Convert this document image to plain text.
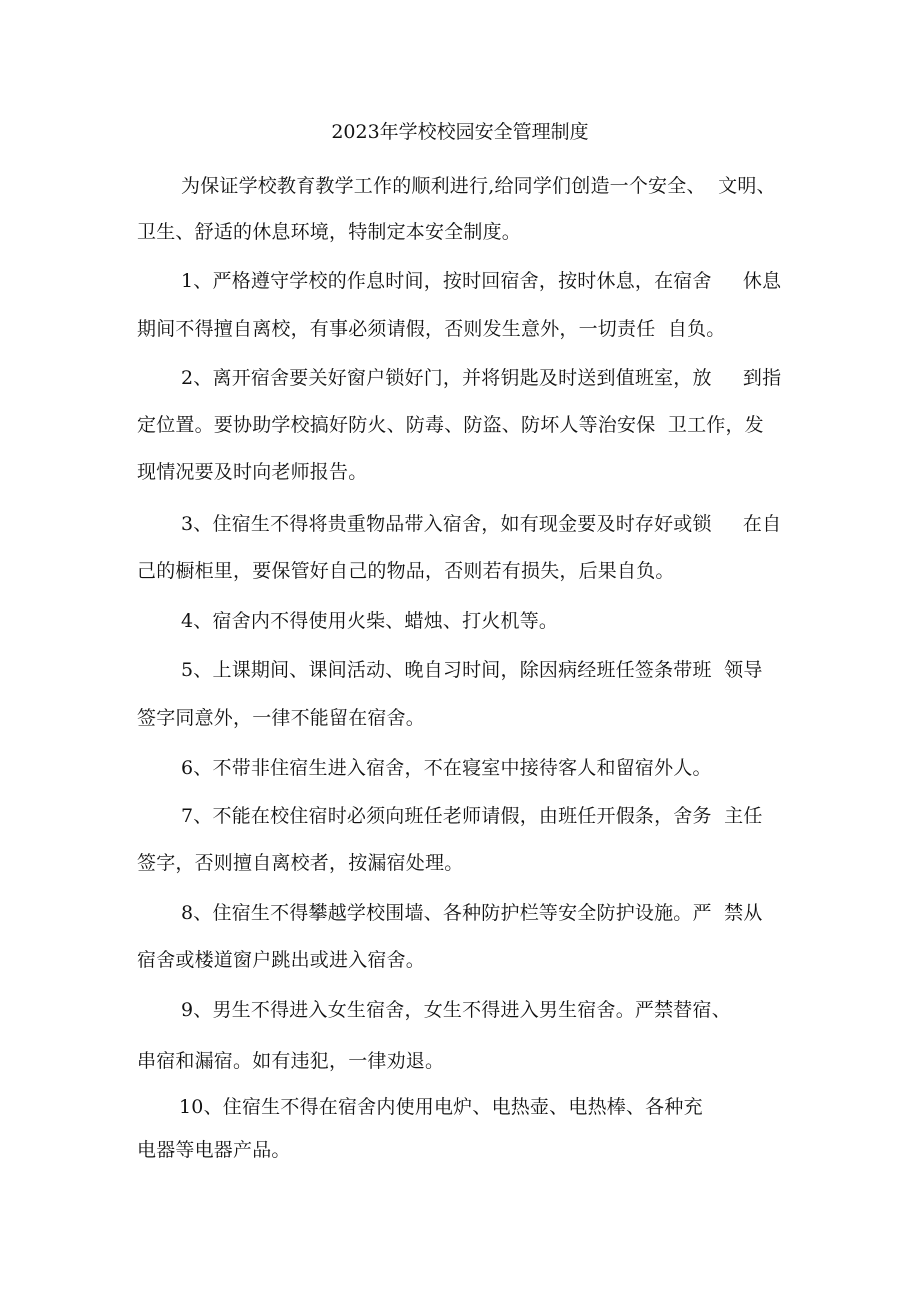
2023年学校校园安全管理制度
为保证学校教育教学工作的顺利进行,给同学们创造一个安全、  文明、
卫生、舒适的休息环境，特制定本安全制度。
1、严格遵守学校的作息时间，按时回宿舍，按时休息，在宿舍     休息
期间不得擅自离校，有事必须请假，否则发生意外，一切责任  自负。
2、离开宿舍要关好窗户锁好门，并将钥匙及时送到值班室，放     到指
定位置。要协助学校搞好防火、防毒、防盗、防坏人等治安保  卫工作，发
现情况要及时向老师报告。
3、住宿生不得将贵重物品带入宿舍，如有现金要及时存好或锁     在自
己的橱柜里，要保管好自己的物品，否则若有损失，后果自负。
4、宿舍内不得使用火柴、蜡烛、打火机等。
5、上课期间、课间活动、晚自习时间，除因病经班任签条带班  领导
签字同意外，一律不能留在宿舍。
6、不带非住宿生进入宿舍，不在寝室中接待客人和留宿外人。
7、不能在校住宿时必须向班任老师请假，由班任开假条，舍务  主任
签字，否则擅自离校者，按漏宿处理。
8、住宿生不得攀越学校围墙、各种防护栏等安全防护设施。严  禁从
宿舍或楼道窗户跳出或进入宿舍。
9、男生不得进入女生宿舍，女生不得进入男生宿舍。严禁替宿、
串宿和漏宿。如有违犯，一律劝退。
10、住宿生不得在宿舍内使用电炉、电热壶、电热棒、各种充
电器等电器产品。
